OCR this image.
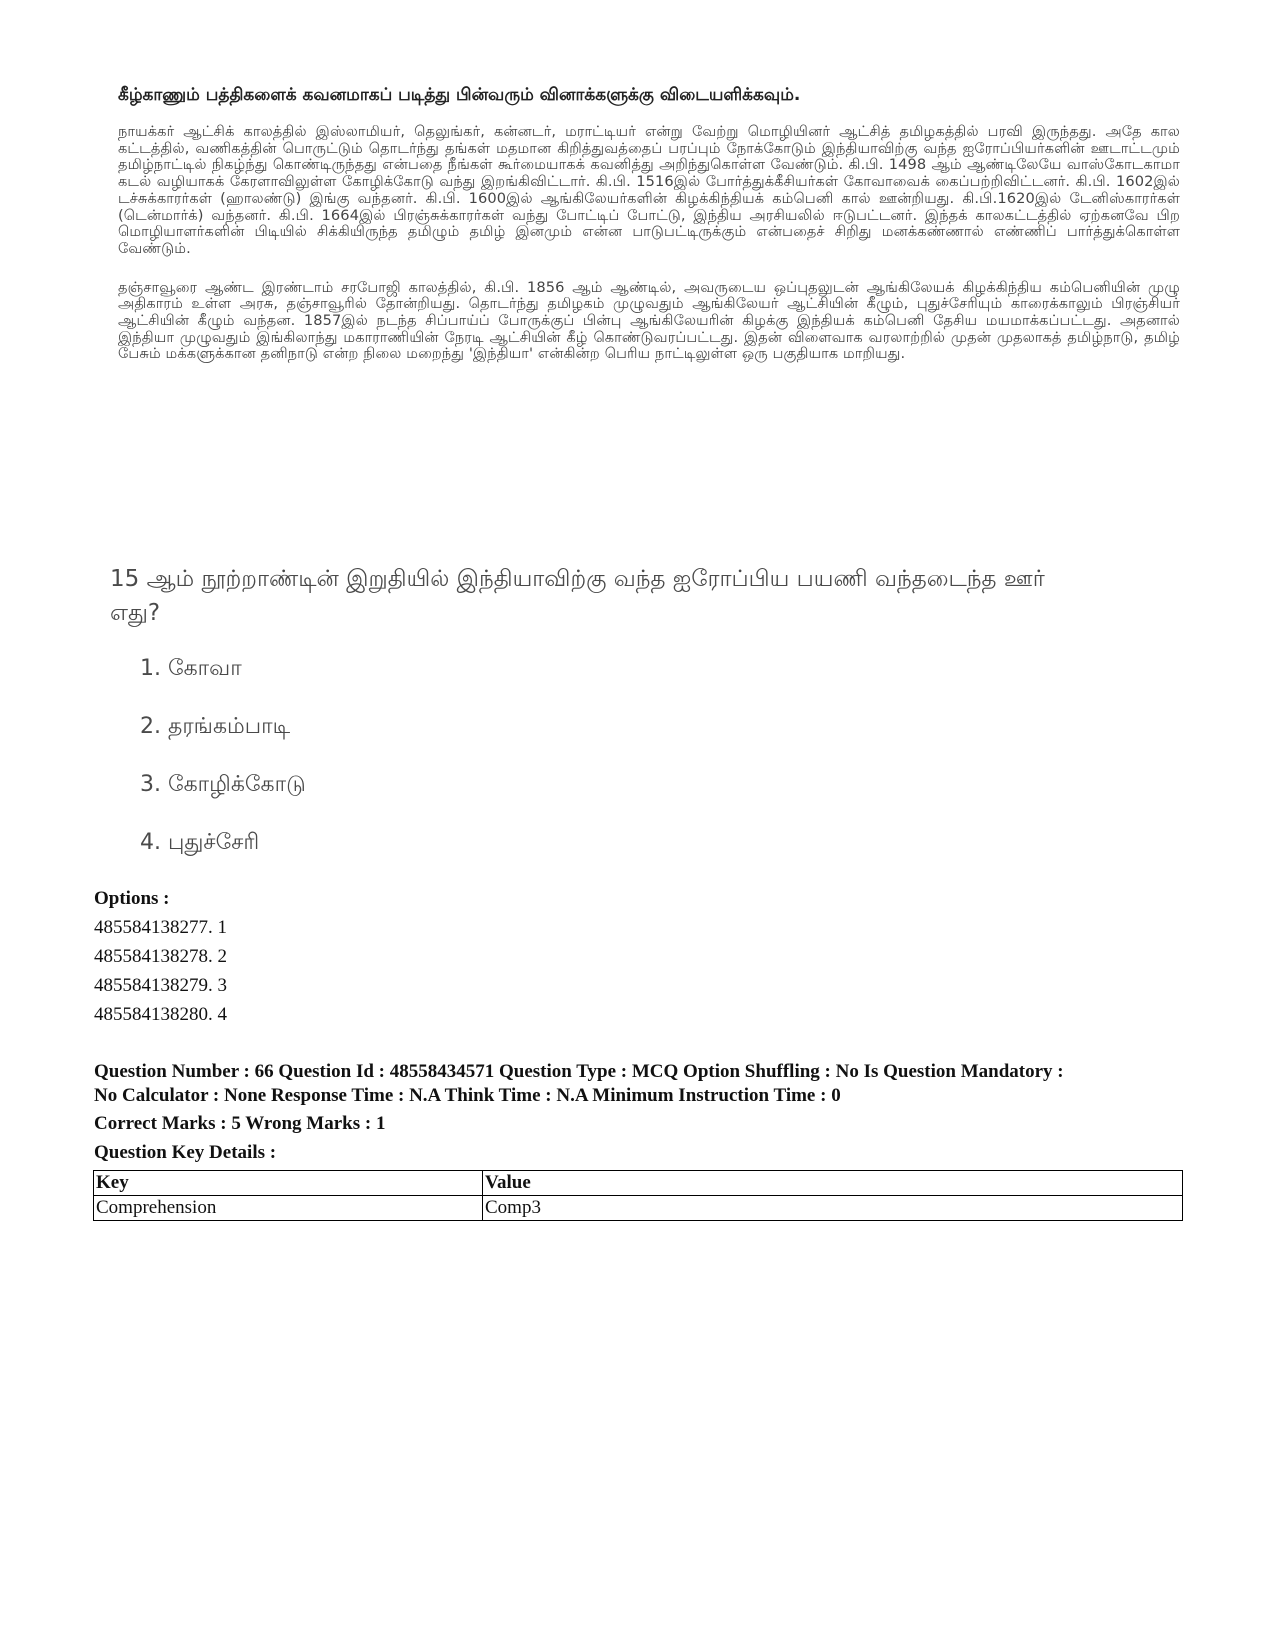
கீழ்காணும் பத்திகளைக் கவனமாகப் படித்து பின்வரும் வினாக்களுக்கு விடையளிக்கவும்.

நாயக்கர் ஆட்சிக் காலத்தில் இஸ்லாமியர், தெலுங்கர், கன்னடர், மராட்டியர் என்று வேற்று மொழியினர் ஆட்சித் தமிழகத்தில் பரவி இருந்தது. அதே கால கட்டத்தில், வணிகத்தின் பொருட்டும் தொடர்ந்து தங்கள் மதமான கிறித்துவத்தைப் பரப்பும் நோக்கோடும் இந்தியாவிற்கு வந்த ஐரோப்பியர்களின் ஊடாட்டமும் தமிழ்நாட்டில் நிகழ்ந்து கொண்டிருந்தது என்பதை நீங்கள் கூர்மையாகக் கவனித்து அறிந்துகொள்ள வேண்டும். கி.பி. 1498 ஆம் ஆண்டிலேயே வாஸ்கோடகாமா கடல் வழியாகக் கேரளாவிலுள்ள கோழிக்கோடு வந்து இறங்கிவிட்டார். கி.பி. 1516இல் போர்த்துக்கீசியர்கள் கோவாவைக் கைப்பற்றிவிட்டனர். கி.பி. 1602இல் டச்சுக்காரர்கள் (ஹாலண்டு) இங்கு வந்தனர். கி.பி. 1600இல் ஆங்கிலேயர்களின் கிழக்கிந்தியக் கம்பெனி கால் ஊன்றியது. கி.பி.1620இல் டேனிஸ்காரர்கள் (டென்மார்க்) வந்தனர். கி.பி. 1664இல் பிரஞ்சுக்காரர்கள் வந்து போட்டிப் போட்டு, இந்திய அரசியலில் ஈடுபட்டனர். இந்தக் காலகட்டத்தில் ஏற்கனவே பிற மொழியாளர்களின் பிடியில் சிக்கியிருந்த தமிழும் தமிழ் இனமும் என்ன பாடுபட்டிருக்கும் என்பதைச் சிறிது மனக்கண்ணால் எண்ணிப் பார்த்துக்கொள்ள வேண்டும்.

தஞ்சாவூரை ஆண்ட இரண்டாம் சரபோஜி காலத்தில், கி.பி. 1856 ஆம் ஆண்டில், அவருடைய ஒப்புதலுடன் ஆங்கிலேயக் கிழக்கிந்திய கம்பெனியின் முழு அதிகாரம் உள்ள அரசு, தஞ்சாவூரில் தோன்றியது. தொடர்ந்து தமிழகம் முழுவதும் ஆங்கிலேயர் ஆட்சியின் கீழும், புதுச்சேரியும் காரைக்காலும் பிரஞ்சியர் ஆட்சியின் கீழும் வந்தன. 1857இல் நடந்த சிப்பாய்ப் போருக்குப் பின்பு ஆங்கிலேயரின் கிழக்கு இந்தியக் கம்பெனி தேசிய மயமாக்கப்பட்டது. அதனால் இந்தியா முழுவதும் இங்கிலாந்து மகாராணியின் நேரடி ஆட்சியின் கீழ் கொண்டுவரப்பட்டது. இதன் விளைவாக வரலாற்றில் முதன் முதலாகத் தமிழ்நாடு, தமிழ் பேசும் மக்களுக்கான தனிநாடு என்ற நிலை மறைந்து 'இந்தியா' என்கின்ற பெரிய நாட்டிலுள்ள ஒரு பகுதியாக மாறியது.

15 ஆம் நூற்றாண்டின் இறுதியில் இந்தியாவிற்கு வந்த ஐரோப்பிய பயணி வந்தடைந்த ஊர் எது?

1. கோவா
2. தரங்கம்பாடி
3. கோழிக்கோடு
4. புதுச்சேரி
Options :
485584138277. 1
485584138278. 2
485584138279. 3
485584138280. 4

Question Number : 66 Question Id : 48558434571 Question Type : MCQ Option Shuffling : No Is Question Mandatory :

No Calculator : None Response Time : N.A Think Time : N.A Minimum Instruction Time : 0

Correct Marks : 5 Wrong Marks : 1
Question Key Details :
Key	Value
Comprehension	Comp3
